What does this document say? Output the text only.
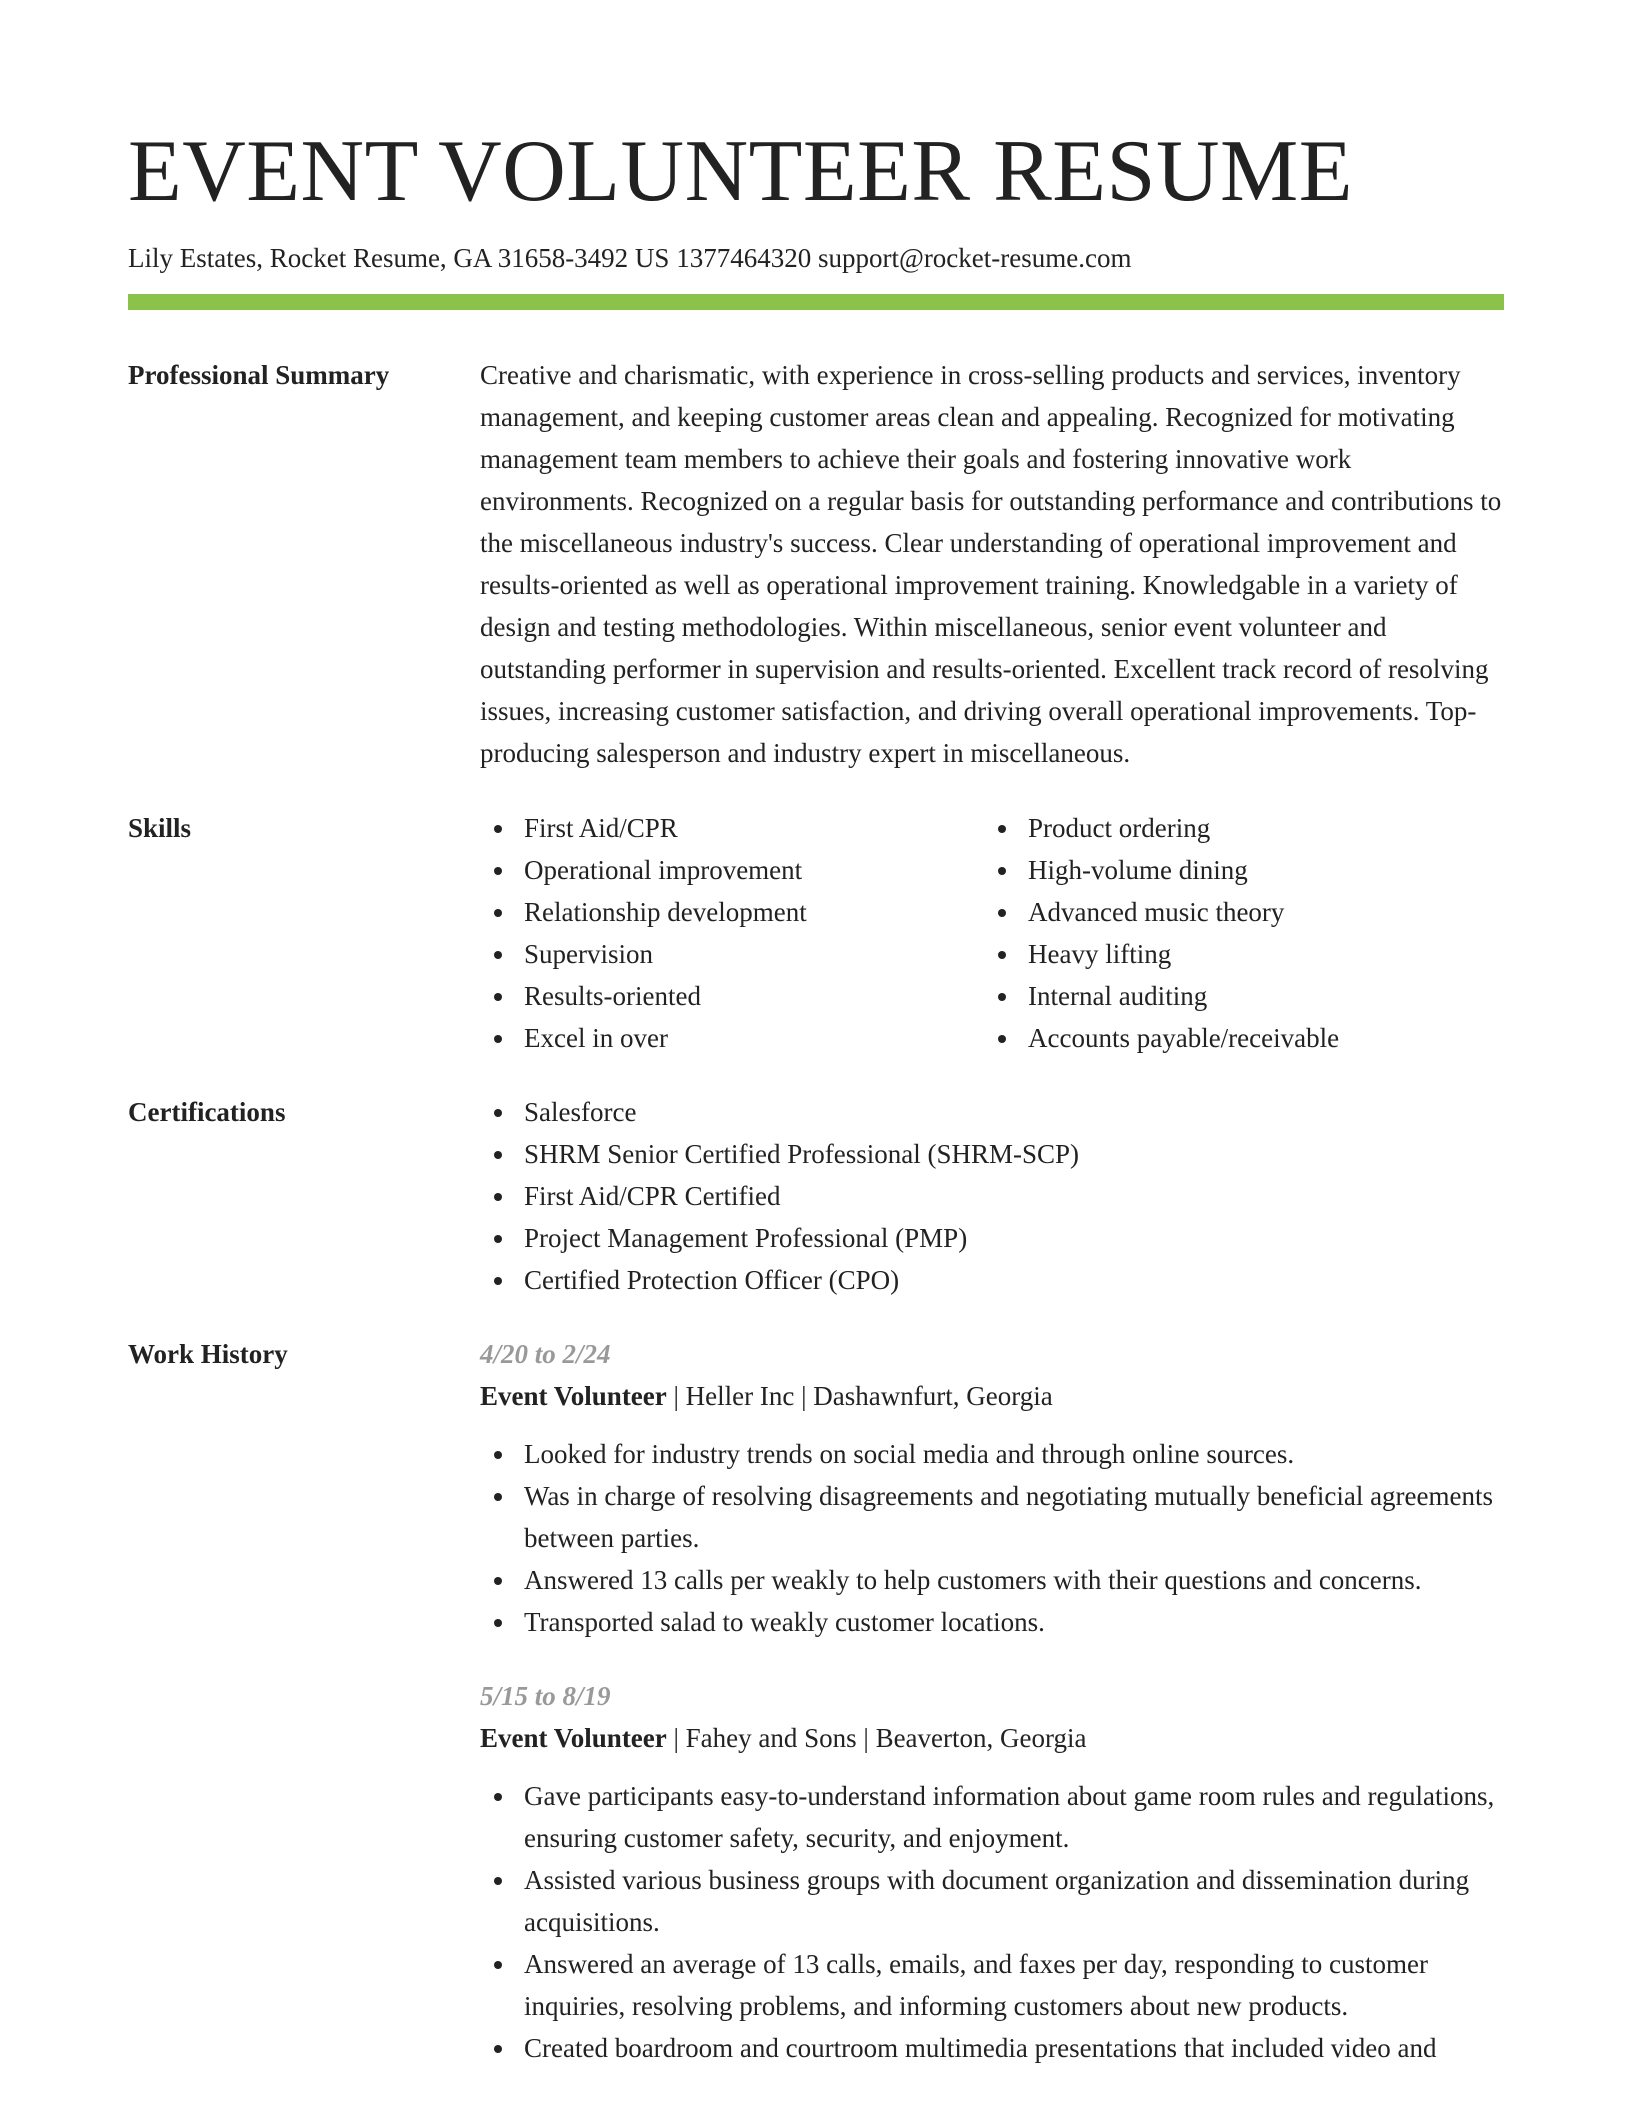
EVENT VOLUNTEER RESUME
Lily Estates, Rocket Resume, GA 31658-3492 US 1377464320 support@rocket-resume.com
Professional Summary	Creative and charismatic, with experience in cross-selling products and services, inventory management, and keeping customer areas clean and appealing. Recognized for motivating management team members to achieve their goals and fostering innovative work environments. Recognized on a regular basis for outstanding performance and contributions to the miscellaneous industry's success. Clear understanding of operational improvement and results-oriented as well as operational improvement training. Knowledgable in a variety of design and testing methodologies. Within miscellaneous, senior event volunteer and outstanding performer in supervision and results-oriented. Excellent track record of resolving issues, increasing customer satisfaction, and driving overall operational improvements. Top-producing salesperson and industry expert in miscellaneous.

Skills	First Aid/CPR
Operational improvement
Relationship development
Supervision
Results-oriented
Excel in over
Product ordering
High-volume dining
Advanced music theory
Heavy lifting
Internal auditing
Accounts payable/receivable
Certifications	Salesforce
SHRM Senior Certified Professional (SHRM-SCP)
First Aid/CPR Certified
Project Management Professional (PMP)
Certified Protection Officer (CPO)
Work History	4/20 to 2/24
Event Volunteer | Heller Inc | Dashawnfurt, Georgia
Looked for industry trends on social media and through online sources.
Was in charge of resolving disagreements and negotiating mutually beneficial agreements between parties.
Answered 13 calls per weakly to help customers with their questions and concerns.
Transported salad to weakly customer locations.
5/15 to 8/19
Event Volunteer | Fahey and Sons | Beaverton, Georgia
Gave participants easy-to-understand information about game room rules and regulations, ensuring customer safety, security, and enjoyment.
Assisted various business groups with document organization and dissemination during acquisitions.
Answered an average of 13 calls, emails, and faxes per day, responding to customer inquiries, resolving problems, and informing customers about new products.
Created boardroom and courtroom multimedia presentations that included video and
